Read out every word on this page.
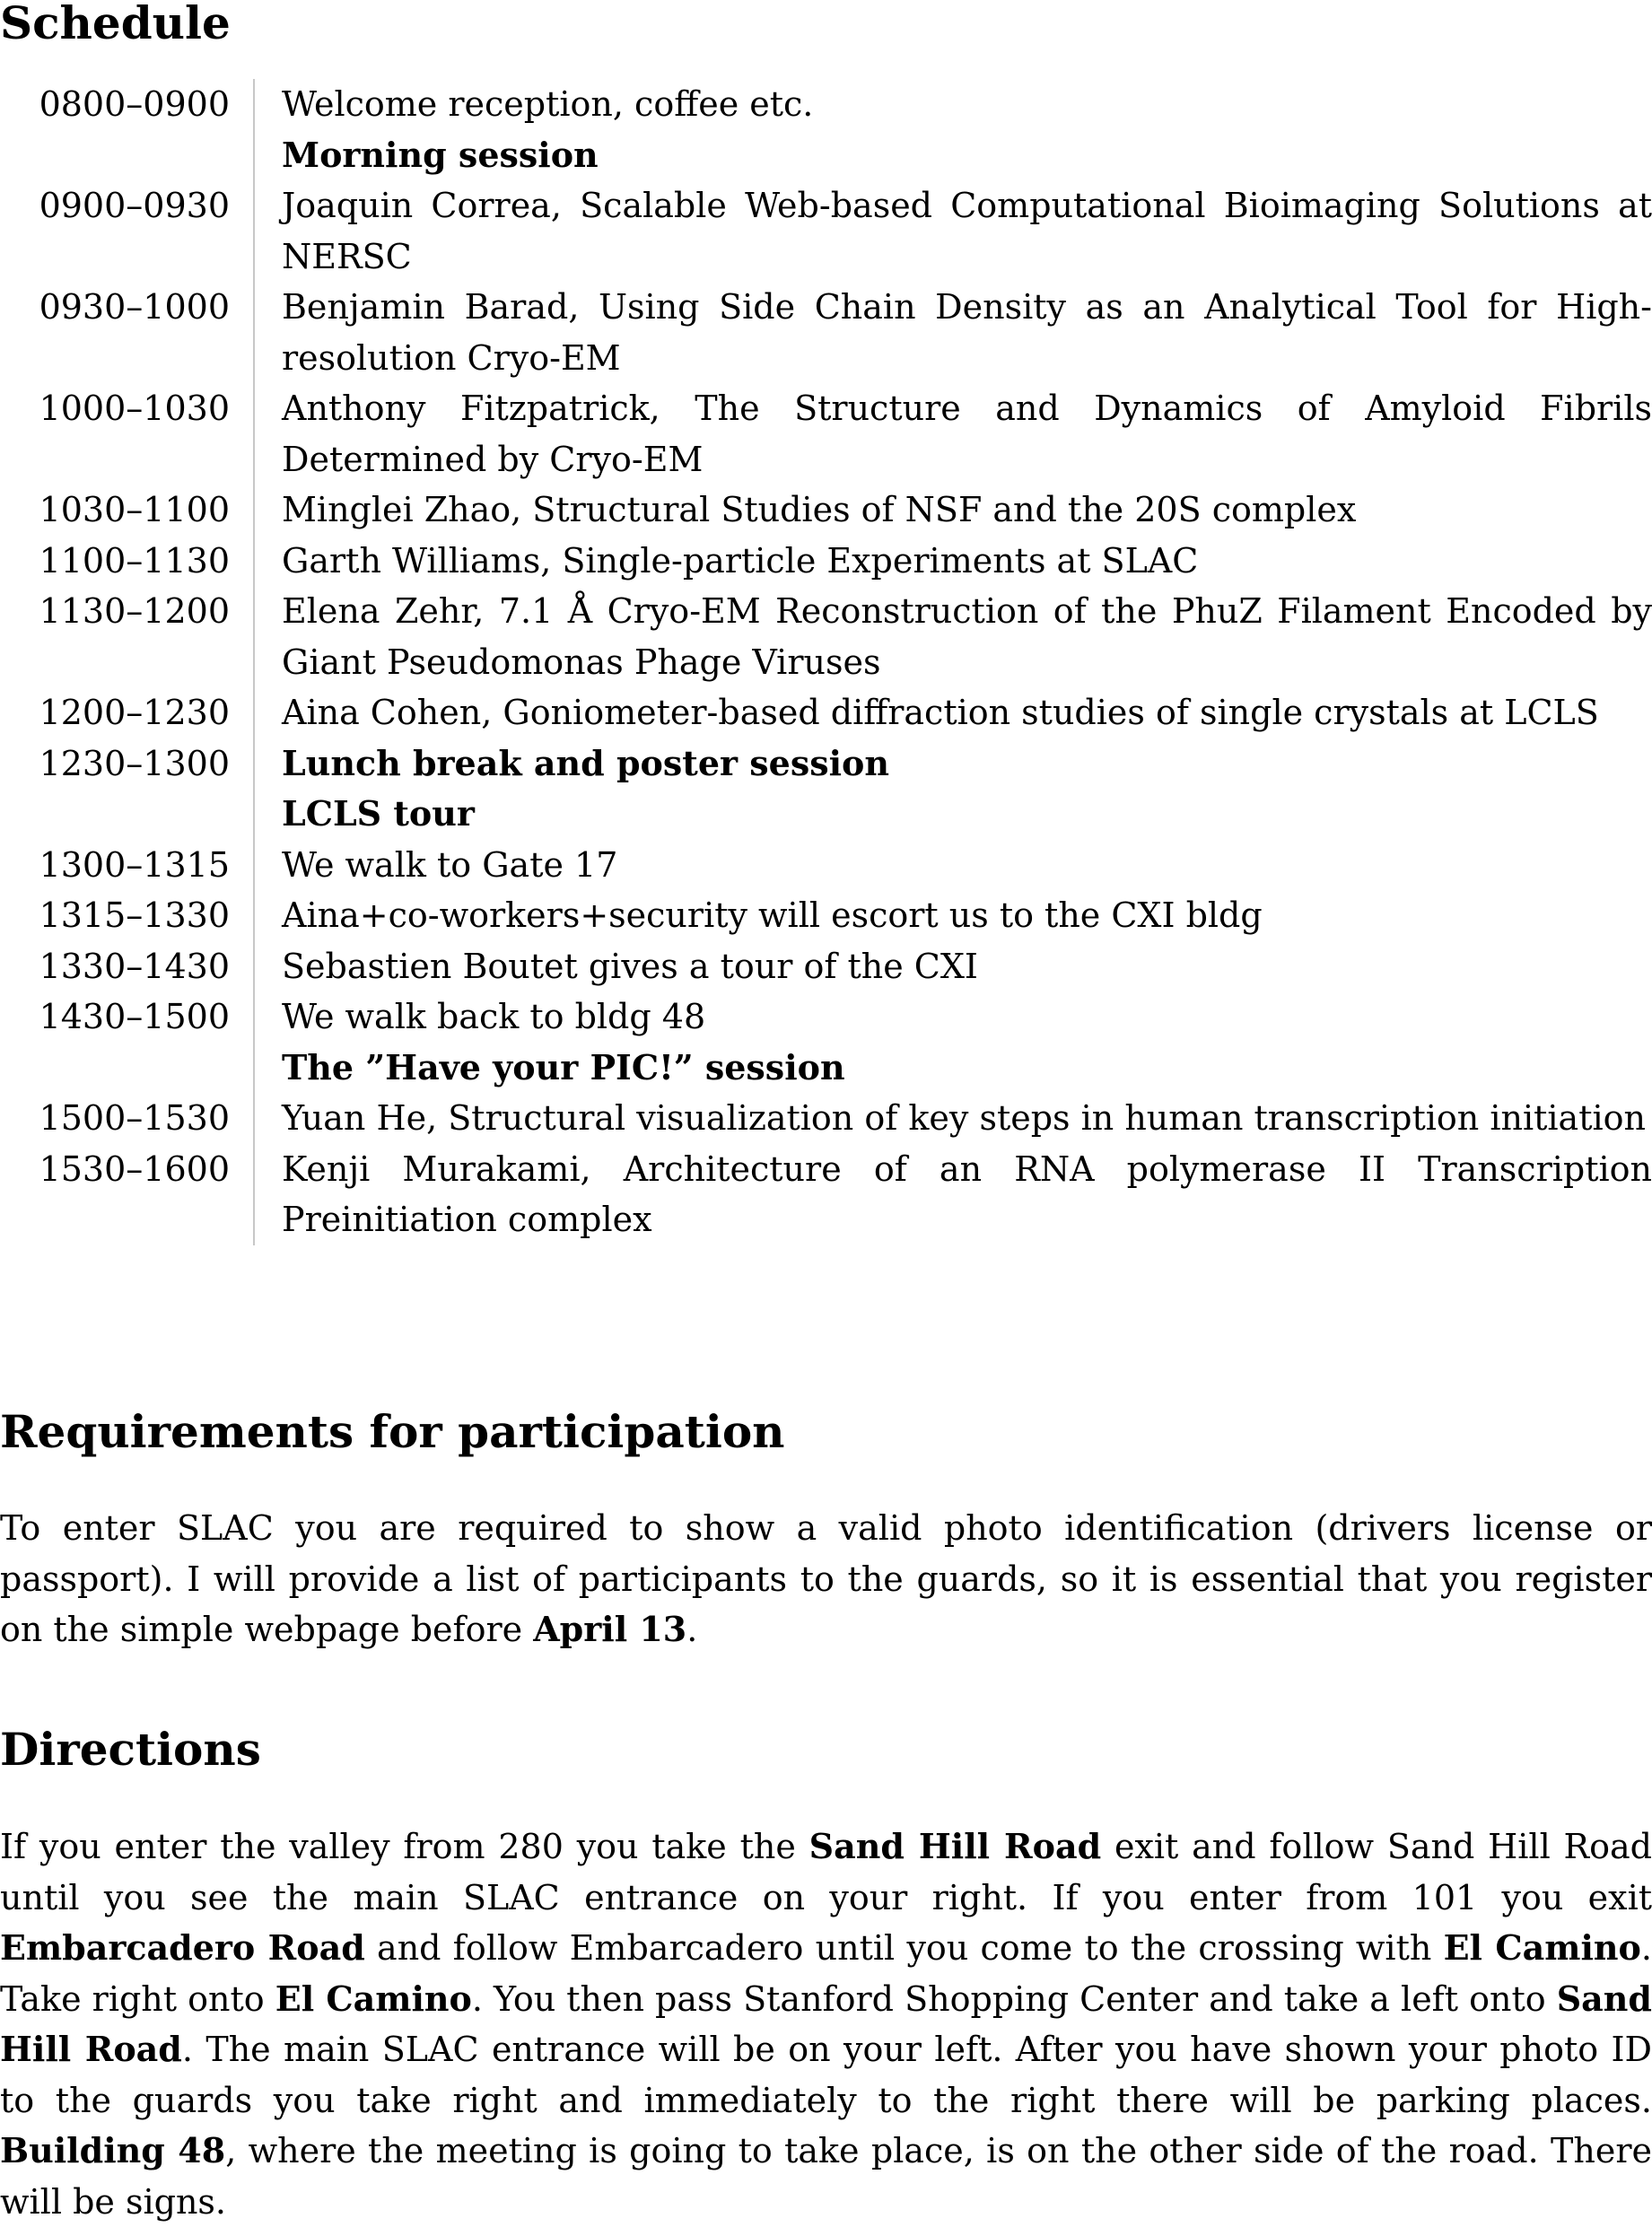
Schedule
0800–0900	Welcome reception, coffee etc.
	Morning session
0900–0930	Joaquin Correa, Scalable Web-based Computational Bioimaging Solutions at NERSC
0930–1000	Benjamin Barad, Using Side Chain Density as an Analytical Tool for High-resolution Cryo-EM
1000–1030	Anthony Fitzpatrick, The Structure and Dynamics of Amyloid Fibrils Determined by Cryo-EM
1030–1100	Minglei Zhao, Structural Studies of NSF and the 20S complex
1100–1130	Garth Williams, Single-particle Experiments at SLAC
1130–1200	Elena Zehr, 7.1 Å Cryo-EM Reconstruction of the PhuZ Filament Encoded by Giant Pseudomonas Phage Viruses
1200–1230	Aina Cohen, Goniometer-based diffraction studies of single crystals at LCLS
1230–1300	Lunch break and poster session
	LCLS tour
1300–1315	We walk to Gate 17
1315–1330	Aina+co-workers+security will escort us to the CXI bldg
1330–1430	Sebastien Boutet gives a tour of the CXI
1430–1500	We walk back to bldg 48
	The ”Have your PIC!” session
1500–1530	Yuan He, Structural visualization of key steps in human transcription initiation
1530–1600	Kenji Murakami, Architecture of an RNA polymerase II Transcription Preinitiation complex
Requirements for participation

To enter SLAC you are required to show a valid photo identification (drivers license or passport). I will provide a list of participants to the guards, so it is essential that you register on the simple webpage before April 13.

Directions

If you enter the valley from 280 you take the Sand Hill Road exit and follow Sand Hill Road until you see the main SLAC entrance on your right. If you enter from 101 you exit Embarcadero Road and follow Embarcadero until you come to the crossing with El Camino. Take right onto El Camino. You then pass Stanford Shopping Center and take a left onto Sand Hill Road. The main SLAC entrance will be on your left. After you have shown your photo ID to the guards you take right and immediately to the right there will be parking places. Building 48, where the meeting is going to take place, is on the other side of the road. There will be signs.
